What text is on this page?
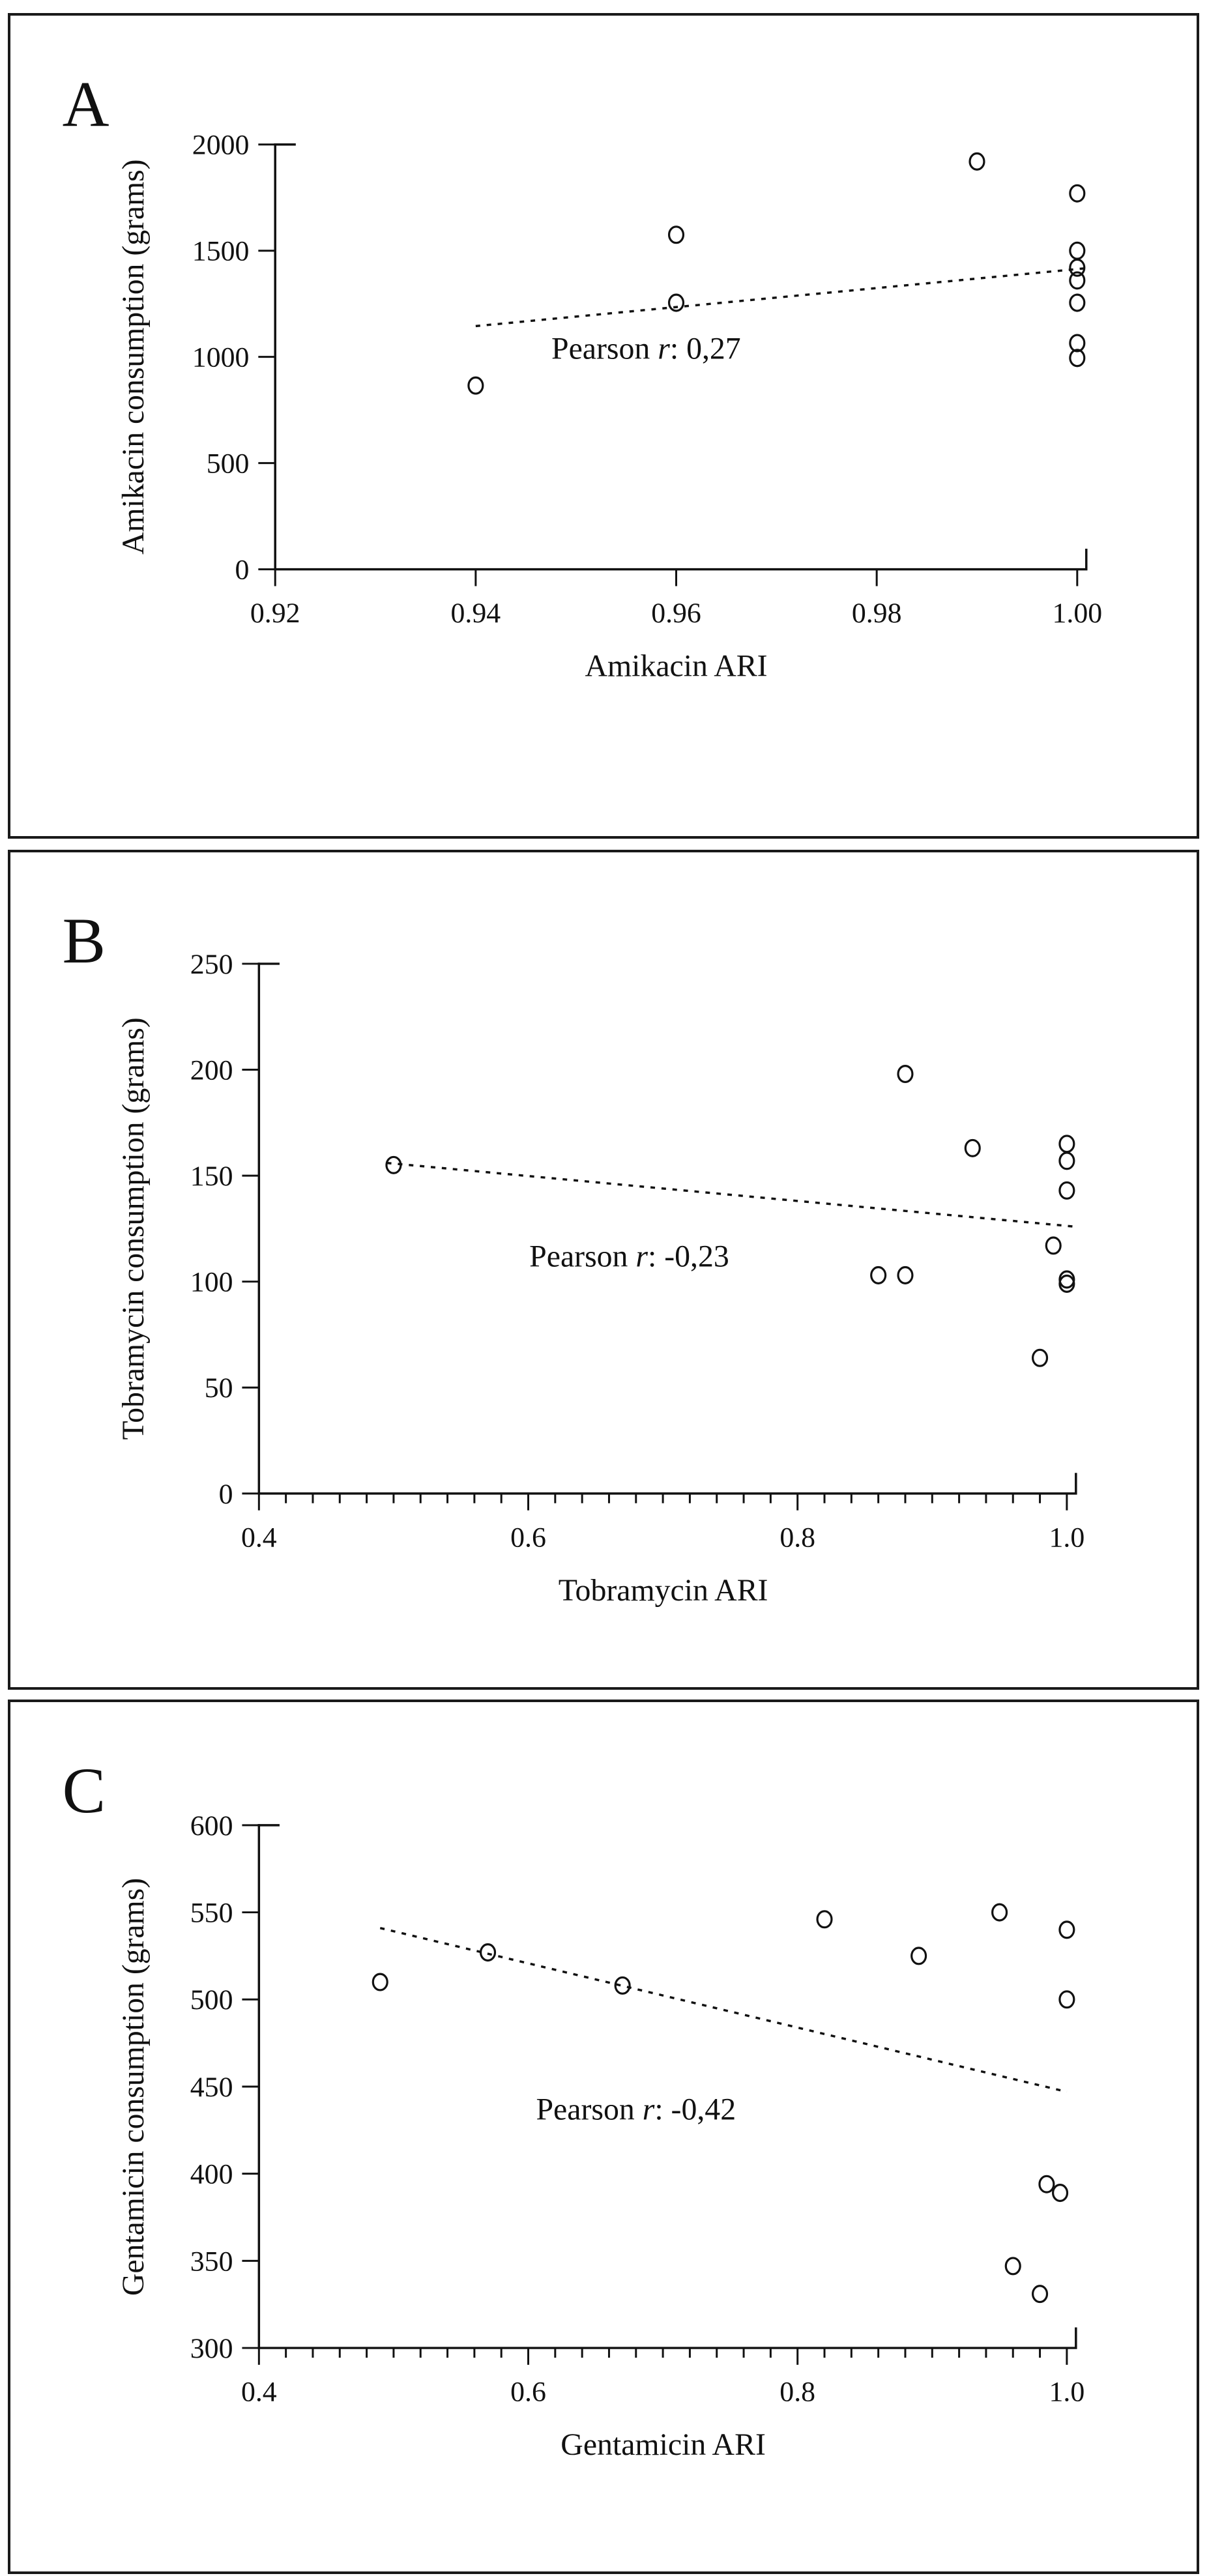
A
Amikacin consumption (grams)
Amikacin ARI
0
500
1000
1500
2000
0.92	0.94	0.96	0.98	1.00
Pearson r: 0,27
B
Tobramycin consumption (grams)
Tobramycin ARI
0
50
100
150
200
250
0.4	0.6	0.8	1.0
Pearson r: -0,23
C
Gentamicin consumption (grams)
Gentamicin ARI
300
350
400
450
500
550
600
0.4	0.6	0.8	1.0
Pearson r: -0,42
